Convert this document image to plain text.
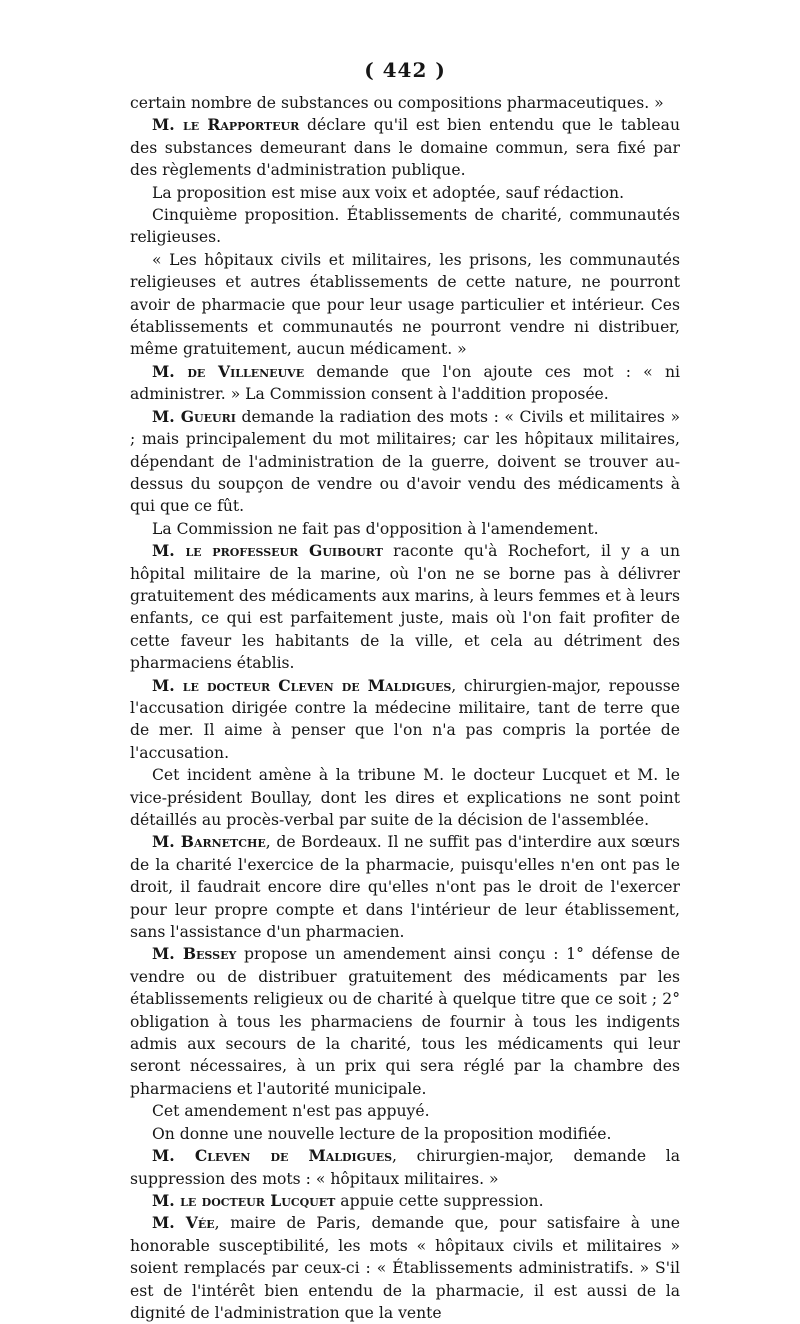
( 442 )

certain nombre de substances ou compositions pharmaceutiques. »

M. le Rapporteur déclare qu'il est bien entendu que le tableau des substances demeurant dans le domaine commun, sera fixé par des règlements d'administration publique.

La proposition est mise aux voix et adoptée, sauf rédaction.

Cinquième proposition. Établissements de charité, communautés religieuses.

« Les hôpitaux civils et militaires, les prisons, les communautés religieuses et autres établissements de cette nature, ne pourront avoir de pharmacie que pour leur usage particulier et intérieur. Ces établissements et communautés ne pourront vendre ni distribuer, même gratuitement, aucun médicament. »

M. de Villeneuve demande que l'on ajoute ces mot : « ni administrer. » La Commission consent à l'addition proposée.

M. Gueuri demande la radiation des mots : « Civils et militaires » ; mais principalement du mot militaires; car les hôpitaux militaires, dépendant de l'administration de la guerre, doivent se trouver au-dessus du soupçon de vendre ou d'avoir vendu des médicaments à qui que ce fût.

La Commission ne fait pas d'opposition à l'amendement.

M. le professeur Guibourt raconte qu'à Rochefort, il y a un hôpital militaire de la marine, où l'on ne se borne pas à délivrer gratuitement des médicaments aux marins, à leurs femmes et à leurs enfants, ce qui est parfaitement juste, mais où l'on fait profiter de cette faveur les habitants de la ville, et cela au détriment des pharmaciens établis.

M. le docteur Cleven de Maldigues, chirurgien-major, repousse l'accusation dirigée contre la médecine militaire, tant de terre que de mer. Il aime à penser que l'on n'a pas compris la portée de l'accusation.

Cet incident amène à la tribune M. le docteur Lucquet et M. le vice-président Boullay, dont les dires et explications ne sont point détaillés au procès-verbal par suite de la décision de l'assemblée.

M. Barnetche, de Bordeaux. Il ne suffit pas d'interdire aux sœurs de la charité l'exercice de la pharmacie, puisqu'elles n'en ont pas le droit, il faudrait encore dire qu'elles n'ont pas le droit de l'exercer pour leur propre compte et dans l'intérieur de leur établissement, sans l'assistance d'un pharmacien.

M. Bessey propose un amendement ainsi conçu : 1° défense de vendre ou de distribuer gratuitement des médicaments par les établissements religieux ou de charité à quelque titre que ce soit ; 2° obligation à tous les pharmaciens de fournir à tous les indigents admis aux secours de la charité, tous les médicaments qui leur seront nécessaires, à un prix qui sera réglé par la chambre des pharmaciens et l'autorité municipale.

Cet amendement n'est pas appuyé.

On donne une nouvelle lecture de la proposition modifiée.

M. Cleven de Maldigues, chirurgien-major, demande la suppression des mots : « hôpitaux militaires. »

M. le docteur Lucquet appuie cette suppression.

M. Vée, maire de Paris, demande que, pour satisfaire à une honorable susceptibilité, les mots « hôpitaux civils et militaires » soient remplacés par ceux-ci : « Établissements administratifs. » S'il est de l'intérêt bien entendu de la pharmacie, il est aussi de la dignité de l'administration que la vente
